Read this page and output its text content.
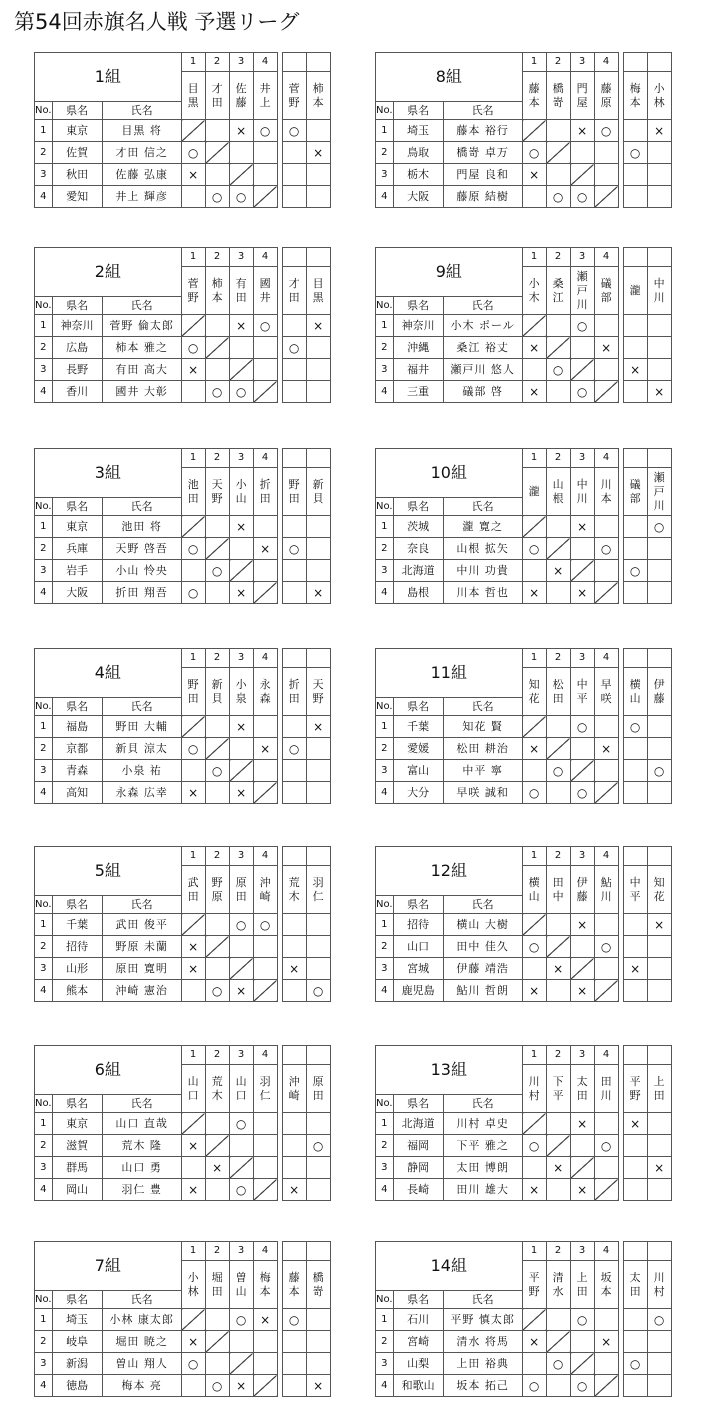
第54回赤旗名人戦 予選リーグ
1組			1	2	3	4			
			目黒	才田	佐藤	井上		菅野	柿本
No.	県名	氏名							
1	東京	目黒 将			×	○		○	
2	佐賀	才田 信之	○						×
3	秋田	佐藤 弘康	×						
4	愛知	井上 輝彦		○	○				
8組			1	2	3	4			
			藤本	橋嵜	門屋	藤原		梅本	小林
No.	県名	氏名							
1	埼玉	藤本 裕行			×	○			×
2	鳥取	橋嵜 卓万	○					○	
3	栃木	門屋 良和	×						
4	大阪	藤原 結樹		○	○				
2組			1	2	3	4			
			菅野	柿本	有田	國井		才田	目黒
No.	県名	氏名							
1	神奈川	菅野 倫太郎			×	○			×
2	広島	柿本 雅之	○					○	
3	長野	有田 高大	×						
4	香川	國井 大彰		○	○				
9組			1	2	3	4			
			小木	桑江	瀬戸川	礒部		瀧	中川
No.	県名	氏名							
1	神奈川	小木 ポール			○				
2	沖縄	桑江 裕丈	×			×			
3	福井	瀬戸川 悠人		○				×	
4	三重	礒部 啓	×		○				×
3組			1	2	3	4			
			池田	天野	小山	折田		野田	新貝
No.	県名	氏名							
1	東京	池田 将			×				
2	兵庫	天野 啓吾	○			×		○	
3	岩手	小山 怜央		○					
4	大阪	折田 翔吾	○		×				×
10組			1	2	3	4			
			瀧	山根	中川	川本		礒部	瀬戸川
No.	県名	氏名							
1	茨城	瀧 寛之			×				○
2	奈良	山根 拡矢	○			○			
3	北海道	中川 功貴		×				○	
4	島根	川本 哲也	×		×				
4組			1	2	3	4			
			野田	新貝	小泉	永森		折田	天野
No.	県名	氏名							
1	福島	野田 大輔			×				×
2	京都	新貝 涼太	○			×		○	
3	青森	小泉 祐		○					
4	高知	永森 広幸	×		×				
11組			1	2	3	4			
			知花	松田	中平	早咲		横山	伊藤
No.	県名	氏名							
1	千葉	知花 賢			○			○	
2	愛媛	松田 耕治	×			×			
3	富山	中平 寧		○					○
4	大分	早咲 誠和	○		○				
5組			1	2	3	4			
			武田	野原	原田	沖崎		荒木	羽仁
No.	県名	氏名							
1	千葉	武田 俊平			○	○			
2	招待	野原 未蘭	×						
3	山形	原田 寛明	×					×	
4	熊本	沖崎 憲治		○	×				○
12組			1	2	3	4			
			横山	田中	伊藤	鮎川		中平	知花
No.	県名	氏名							
1	招待	横山 大樹			×				×
2	山口	田中 佳久	○			○			
3	宮城	伊藤 靖浩		×				×	
4	鹿児島	鮎川 哲朗	×		×				
6組			1	2	3	4			
			山口	荒木	山口	羽仁		沖崎	原田
No.	県名	氏名							
1	東京	山口 直哉			○				
2	滋賀	荒木 隆	×						○
3	群馬	山口 勇		×					
4	岡山	羽仁 豊	×		○			×	
13組			1	2	3	4			
			川村	下平	太田	田川		平野	上田
No.	県名	氏名							
1	北海道	川村 卓史			×			×	
2	福岡	下平 雅之	○			○			
3	静岡	太田 博朗		×					×
4	長崎	田川 雄大	×		×				
7組			1	2	3	4			
			小林	堀田	曽山	梅本		藤本	橋嵜
No.	県名	氏名							
1	埼玉	小林 康太郎			○	×		○	
2	岐阜	堀田 暁之	×						
3	新潟	曽山 翔人	○						
4	徳島	梅本 亮		○	×				×
14組			1	2	3	4			
			平野	清水	上田	坂本		太田	川村
No.	県名	氏名							
1	石川	平野 慎太郎			○				○
2	宮崎	清水 将馬	×			×			
3	山梨	上田 裕典		○				○	
4	和歌山	坂本 拓己	○		○				
